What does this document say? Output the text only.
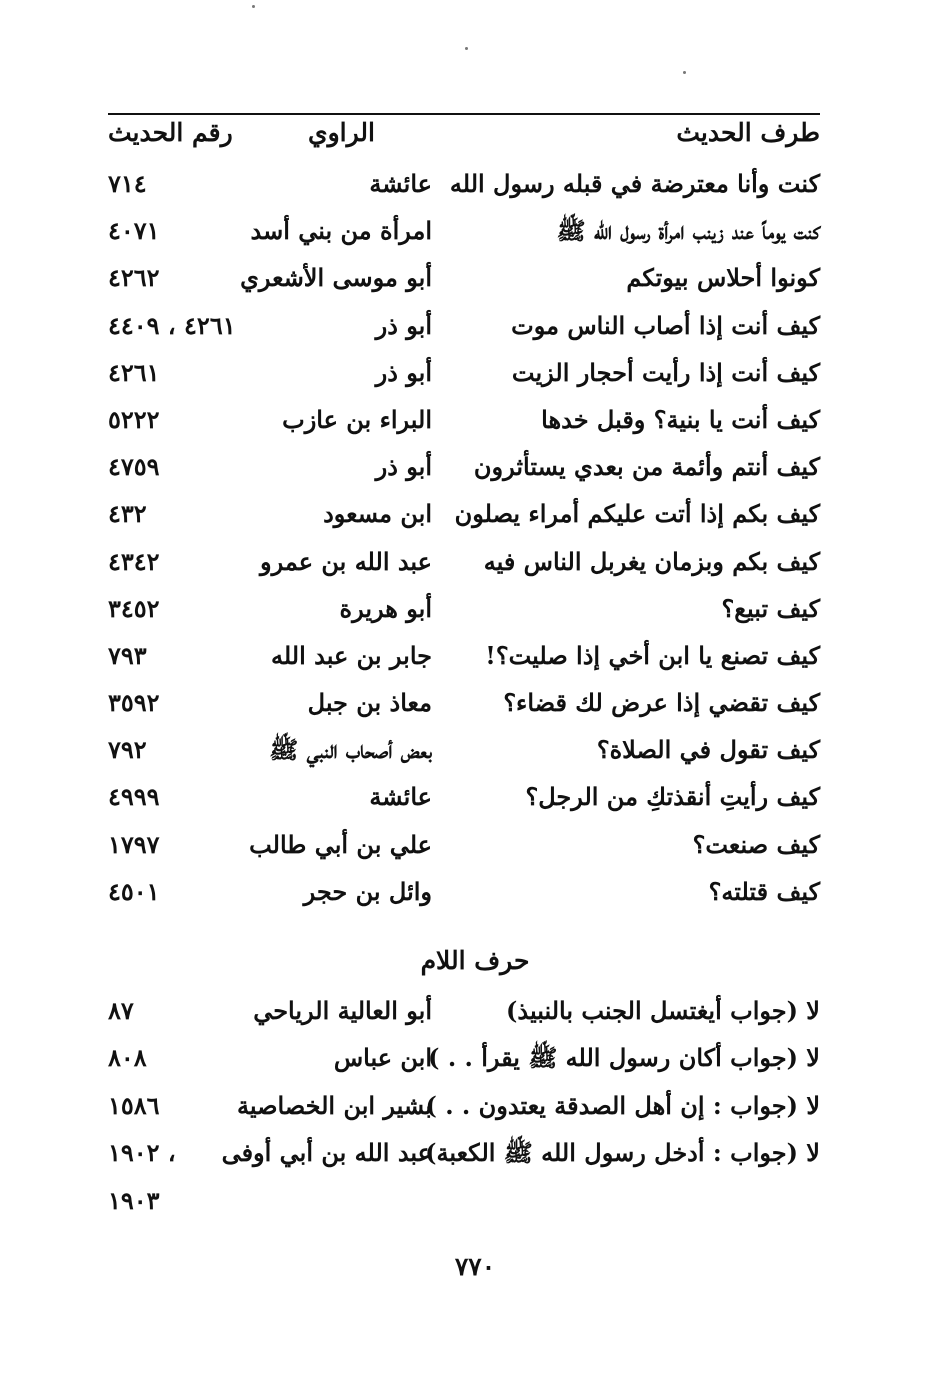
طرف الحديث
الراوي
رقم الحديث
كنت وأنا معترضة في قبله رسول الله
عائشة
٧١٤
كنت يوماً عند زينب امرأة رسول الله ﷺ
امرأة من بني أسد
٤٠٧١
كونوا أحلاس بيوتكم
أبو موسى الأشعري
٤٢٦٢
كيف أنت إذا أصاب الناس موت
أبو ذر
٤٢٦١ ، ٤٤٠٩
كيف أنت إذا رأيت أحجار الزيت
أبو ذر
٤٢٦١
كيف أنت يا بنية؟ وقبل خدها
البراء بن عازب
٥٢٢٢
كيف أنتم وأئمة من بعدي يستأثرون
أبو ذر
٤٧٥٩
كيف بكم إذا أتت عليكم أمراء يصلون
ابن مسعود
٤٣٢
كيف بكم وبزمان يغربل الناس فيه
عبد الله بن عمرو
٤٣٤٢
كيف تبيع؟
أبو هريرة
٣٤٥٢
كيف تصنع يا ابن أخي إذا صليت؟!
جابر بن عبد الله
٧٩٣
كيف تقضي إذا عرض لك قضاء؟
معاذ بن جبل
٣٥٩٢
كيف تقول في الصلاة؟
بعض أصحاب النبي ﷺ
٧٩٢
كيف رأيتِ أنقذتكِ من الرجل؟
عائشة
٤٩٩٩
كيف صنعت؟
علي بن أبي طالب
١٧٩٧
كيف قتلته؟
وائل بن حجر
٤٥٠١
حرف اللام
لا (جواب أيغتسل الجنب بالنبيذ)
أبو العالية الرياحي
٨٧
لا (جواب أكان رسول الله ﷺ يقرأ . . )
ابن عباس
٨٠٨
لا (جواب : إن أهل الصدقة يعتدون . . )
بشير ابن الخصاصية
١٥٨٦
لا (جواب : أدخل رسول الله ﷺ الكعبة)
عبد الله بن أبي أوفى
١٩٠٢ ،
١٩٠٣
٧٧٠
